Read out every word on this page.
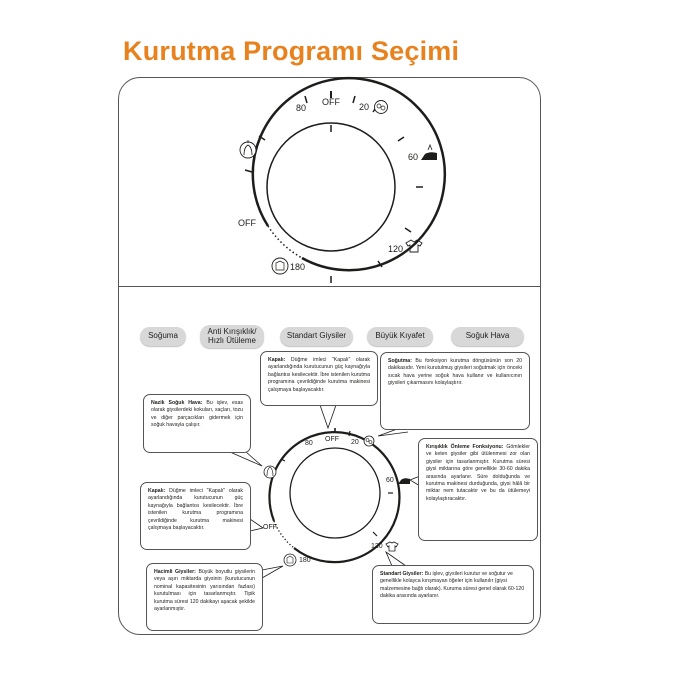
Kurutma Programı Seçimi
OFF 20
60
120
180
80
OFF
Soğuma	Anti Kırışıklık/
Hızlı Ütüleme	Standart Giysiler	Büyük Kıyafet	Soğuk Hava
80
OFF 20
60
120
180
OFF
Kapalı: Düğme imleci "Kapalı" olarak ayarlandığında kurutucunun güç kaynağıyla bağlantısı kesilecektir. İbre istenilen kurutma programına çevrildiğinde kurutma makinesi çalışmaya başlayacaktır.
Soğutma: Bu fonksiyon kurutma döngüsünün son 20 dakikasıdır. Yeni kurutulmuş giysileri soğutmak için önceki sıcak hava yerine soğuk hava kullanır ve kullanıcının giysileri çıkarmasını kolaylaştırır.
Nazik Soğuk Hava: Bu işlev, esas olarak giysilerdeki kokuları, saçları, tozu ve diğer parçacıkları gidermek için soğuk havayla çalışır.
Kırışıklık Önleme Fonksiyonu: Gömlekler ve keten giysiler gibi ütülenmesi zor olan giysiler için tasarlanmıştır. Kurutma süresi giysi miktarına göre genellikle 30-60 dakika arasında ayarlanır. Süre dolduğunda ve kurutma makinesi durduğunda, giysi hâlâ bir miktar nem tutacaktır ve bu da ütülemeyi kolaylaştıracaktır.
Kapalı: Düğme imleci "Kapalı" olarak ayarlandığında kurutucunun güç kaynağıyla bağlantısı kesilecektir. İbre istenilen kurutma programına çevrildiğinde kurutma makinesi çalışmaya başlayacaktır.
Hacimli Giysiler: Büyük boyutlu giysilerin veya aşırı miktarda giysinin (kurutucunun nominal kapasitesinin yarısından fazlası) kurutulması için tasarlanmıştır. Tipik kurutma süresi 120 dakikayı aşacak şekilde ayarlanmıştır.
Standart Giysiler: Bu işlev, giysileri kurutur ve soğutur ve genellikle kolayca kırışmayan öğeler için kullanılır (giysi malzemesine bağlı olarak). Kuruma süresi genel olarak 60-120 dakika arasında ayarlanır.
